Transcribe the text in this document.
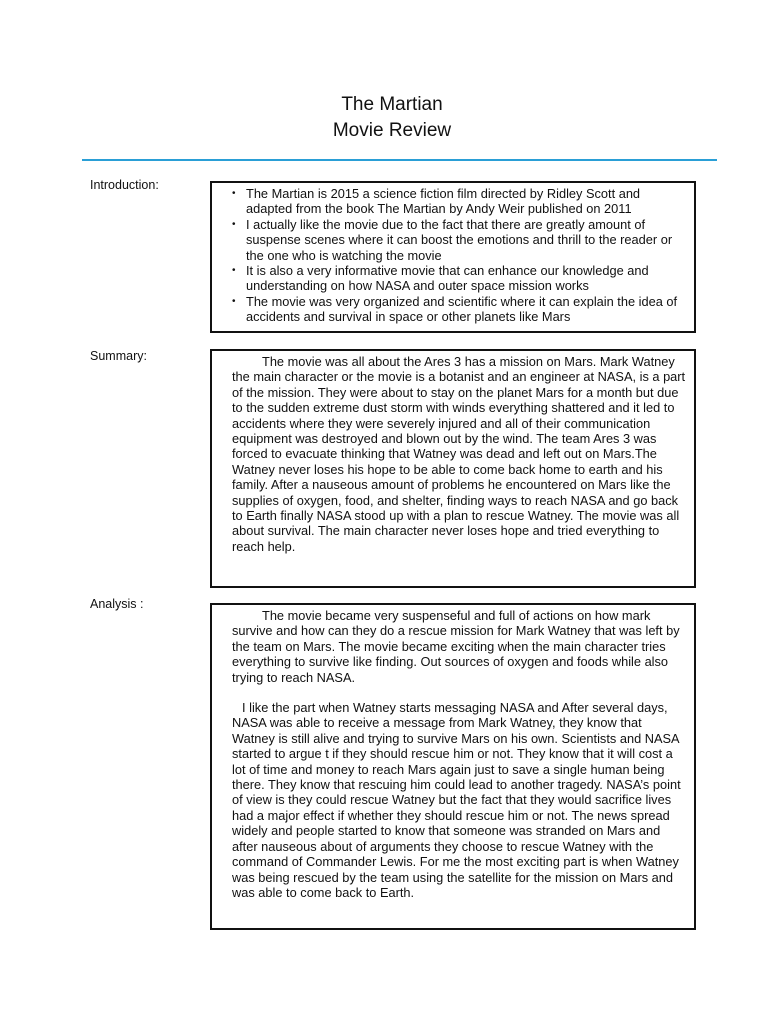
The Martian
Movie Review
Introduction:
• The Martian is 2015 a science fiction film directed by Ridley Scott and adapted from the book The Martian by Andy Weir published on 2011
• I actually like the movie due to the fact that there are greatly amount of suspense scenes where it can boost the emotions and thrill to the reader or the one who is watching the movie
• It is also a very informative movie that can enhance our knowledge and understanding on how NASA and outer space mission works
• The movie was very organized and scientific where it can explain the idea of accidents and survival in space or other planets like Mars
Summary:	The movie was all about the Ares 3 has a mission on Mars. Mark Watney the main character or the movie is a botanist and an engineer at NASA, is a part of the mission. They were about to stay on the planet Mars for a month but due to the sudden extreme dust storm with winds everything shattered and it led to accidents where they were severely injured and all of their communication equipment was destroyed and blown out by the wind. The team Ares 3 was forced to evacuate thinking that Watney was dead and left out on Mars.The Watney never loses his hope to be able to come back home to earth and his family. After a nauseous amount of problems he encountered on Mars like the supplies of oxygen, food, and shelter, finding ways to reach NASA and go back to Earth finally NASA stood up with a plan to rescue Watney. The movie was all about survival. The main character never loses hope and tried everything to reach help.

Analysis :

The movie became very suspenseful and full of actions on how mark survive and how can they do a rescue mission for Mark Watney that was left by the team on Mars. The movie became exciting when the main character tries everything to survive like finding. Out sources of oxygen and foods while also trying to reach NASA.

I like the part when Watney starts messaging NASA and After several days, NASA was able to receive a message from Mark Watney, they know that Watney is still alive and trying to survive Mars on his own. Scientists and NASA started to argue t if they should rescue him or not. They know that it will cost a lot of time and money to reach Mars again just to save a single human being there. They know that rescuing him could lead to another tragedy. NASA’s point of view is they could rescue Watney but the fact that they would sacrifice lives had a major effect if whether they should rescue him or not. The news spread widely and people started to know that someone was stranded on Mars and after nauseous about of arguments they choose to rescue Watney with the command of Commander Lewis. For me the most exciting part is when Watney was being rescued by the team using the satellite for the mission on Mars and was able to come back to Earth.
